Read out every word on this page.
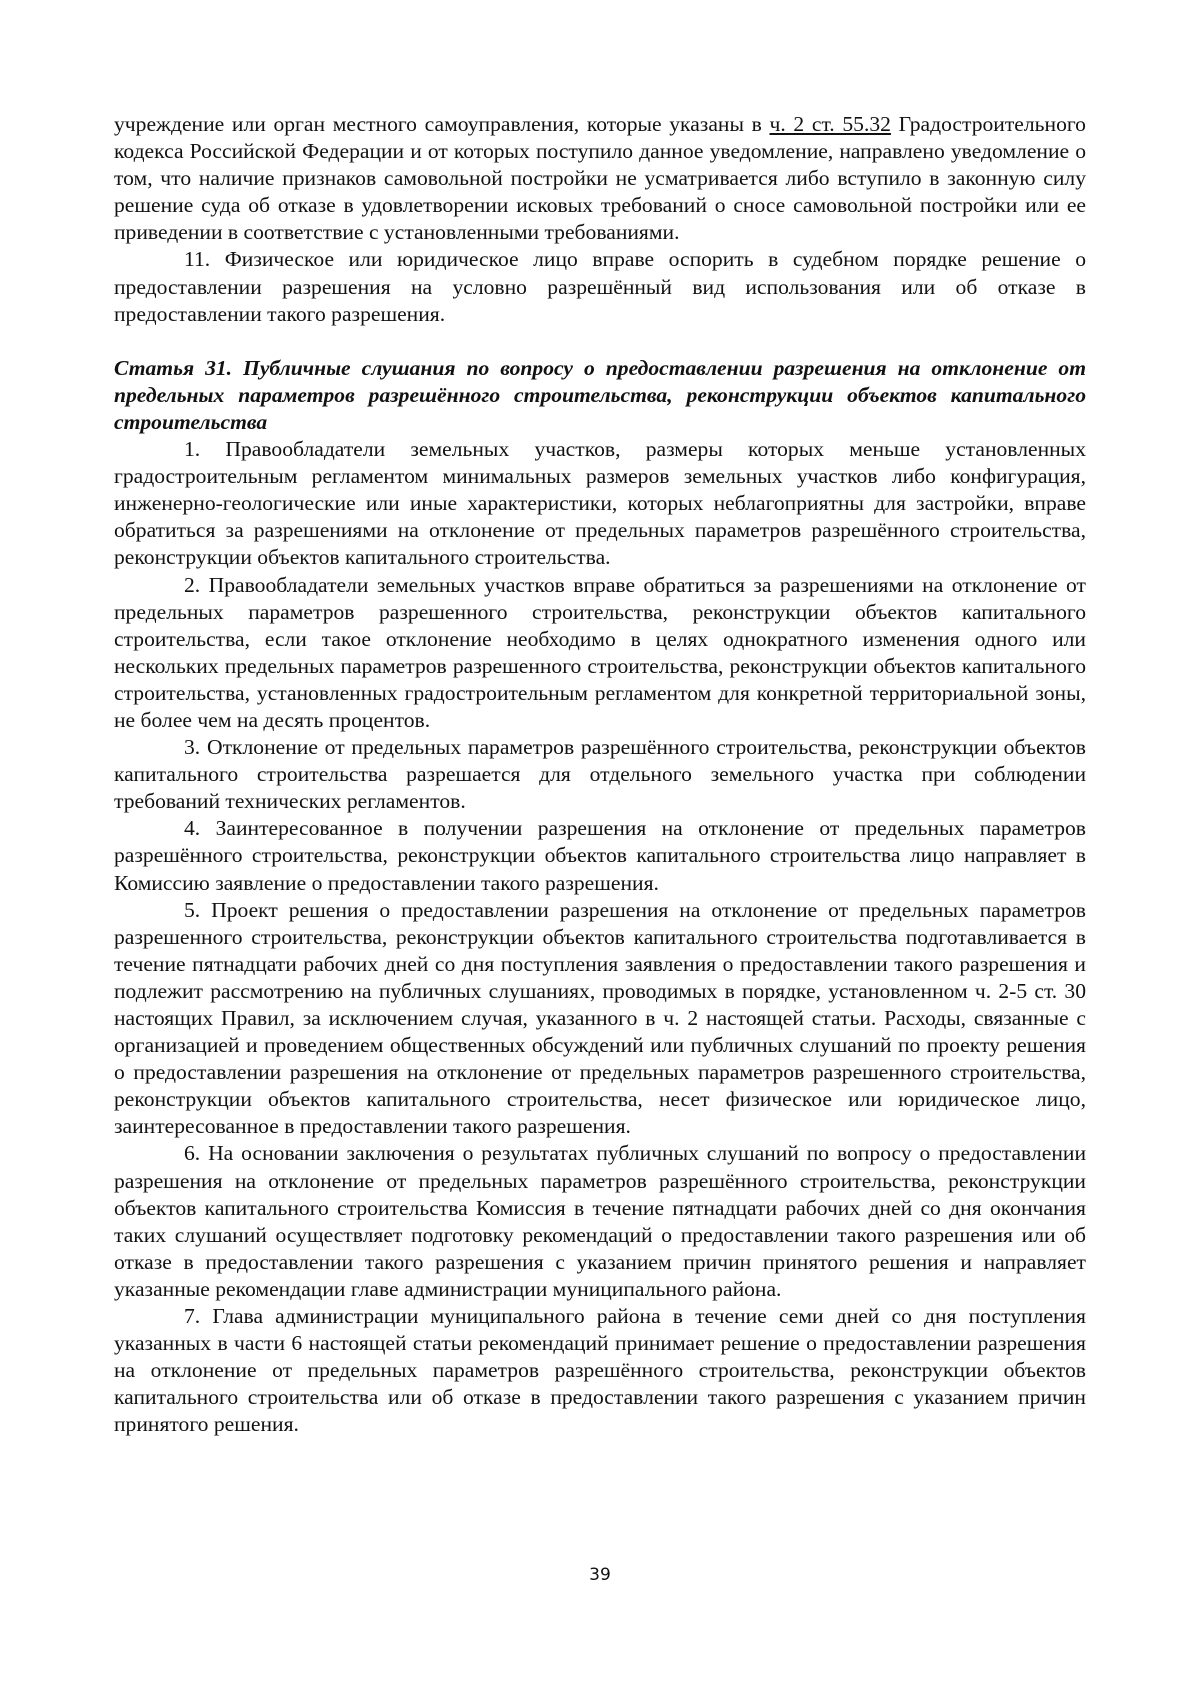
учреждение или орган местного самоуправления, которые указаны в ч. 2 ст. 55.32 Градостроительного кодекса Российской Федерации и от которых поступило данное уведомление, направлено уведомление о том, что наличие признаков самовольной постройки не усматривается либо вступило в законную силу решение суда об отказе в удовлетворении исковых требований о сносе самовольной постройки или ее приведении в соответствие с установленными требованиями.

11. Физическое или юридическое лицо вправе оспорить в судебном порядке решение о предоставлении разрешения на условно разрешённый вид использования или об отказе в предоставлении такого разрешения.

Статья 31. Публичные слушания по вопросу о предоставлении разрешения на отклонение от предельных параметров разрешённого строительства, реконструкции объектов капитального строительства

1. Правообладатели земельных участков, размеры которых меньше установленных градостроительным регламентом минимальных размеров земельных участков либо конфигурация, инженерно-геологические или иные характеристики, которых неблагоприятны для застройки, вправе обратиться за разрешениями на отклонение от предельных параметров разрешённого строительства, реконструкции объектов капитального строительства.

2. Правообладатели земельных участков вправе обратиться за разрешениями на отклонение от предельных параметров разрешенного строительства, реконструкции объектов капитального строительства, если такое отклонение необходимо в целях однократного изменения одного или нескольких предельных параметров разрешенного строительства, реконструкции объектов капитального строительства, установленных градостроительным регламентом для конкретной территориальной зоны, не более чем на десять процентов.

3. Отклонение от предельных параметров разрешённого строительства, реконструкции объектов капитального строительства разрешается для отдельного земельного участка при соблюдении требований технических регламентов.

4. Заинтересованное в получении разрешения на отклонение от предельных параметров разрешённого строительства, реконструкции объектов капитального строительства лицо направляет в Комиссию заявление о предоставлении такого разрешения.

5. Проект решения о предоставлении разрешения на отклонение от предельных параметров разрешенного строительства, реконструкции объектов капитального строительства подготавливается в течение пятнадцати рабочих дней со дня поступления заявления о предоставлении такого разрешения и подлежит рассмотрению на публичных слушаниях, проводимых в порядке, установленном ч. 2-5 ст. 30 настоящих Правил, за исключением случая, указанного в ч. 2 настоящей статьи. Расходы, связанные с организацией и проведением общественных обсуждений или публичных слушаний по проекту решения о предоставлении разрешения на отклонение от предельных параметров разрешенного строительства, реконструкции объектов капитального строительства, несет физическое или юридическое лицо, заинтересованное в предоставлении такого разрешения.

6. На основании заключения о результатах публичных слушаний по вопросу о предоставлении разрешения на отклонение от предельных параметров разрешённого строительства, реконструкции объектов капитального строительства Комиссия в течение пятнадцати рабочих дней со дня окончания таких слушаний осуществляет подготовку рекомендаций о предоставлении такого разрешения или об отказе в предоставлении такого разрешения с указанием причин принятого решения и направляет указанные рекомендации главе администрации муниципального района.

7. Глава администрации муниципального района в течение семи дней со дня поступления указанных в части 6 настоящей статьи рекомендаций принимает решение о предоставлении разрешения на отклонение от предельных параметров разрешённого строительства, реконструкции объектов капитального строительства или об отказе в предоставлении такого разрешения с указанием причин принятого решения.

39
